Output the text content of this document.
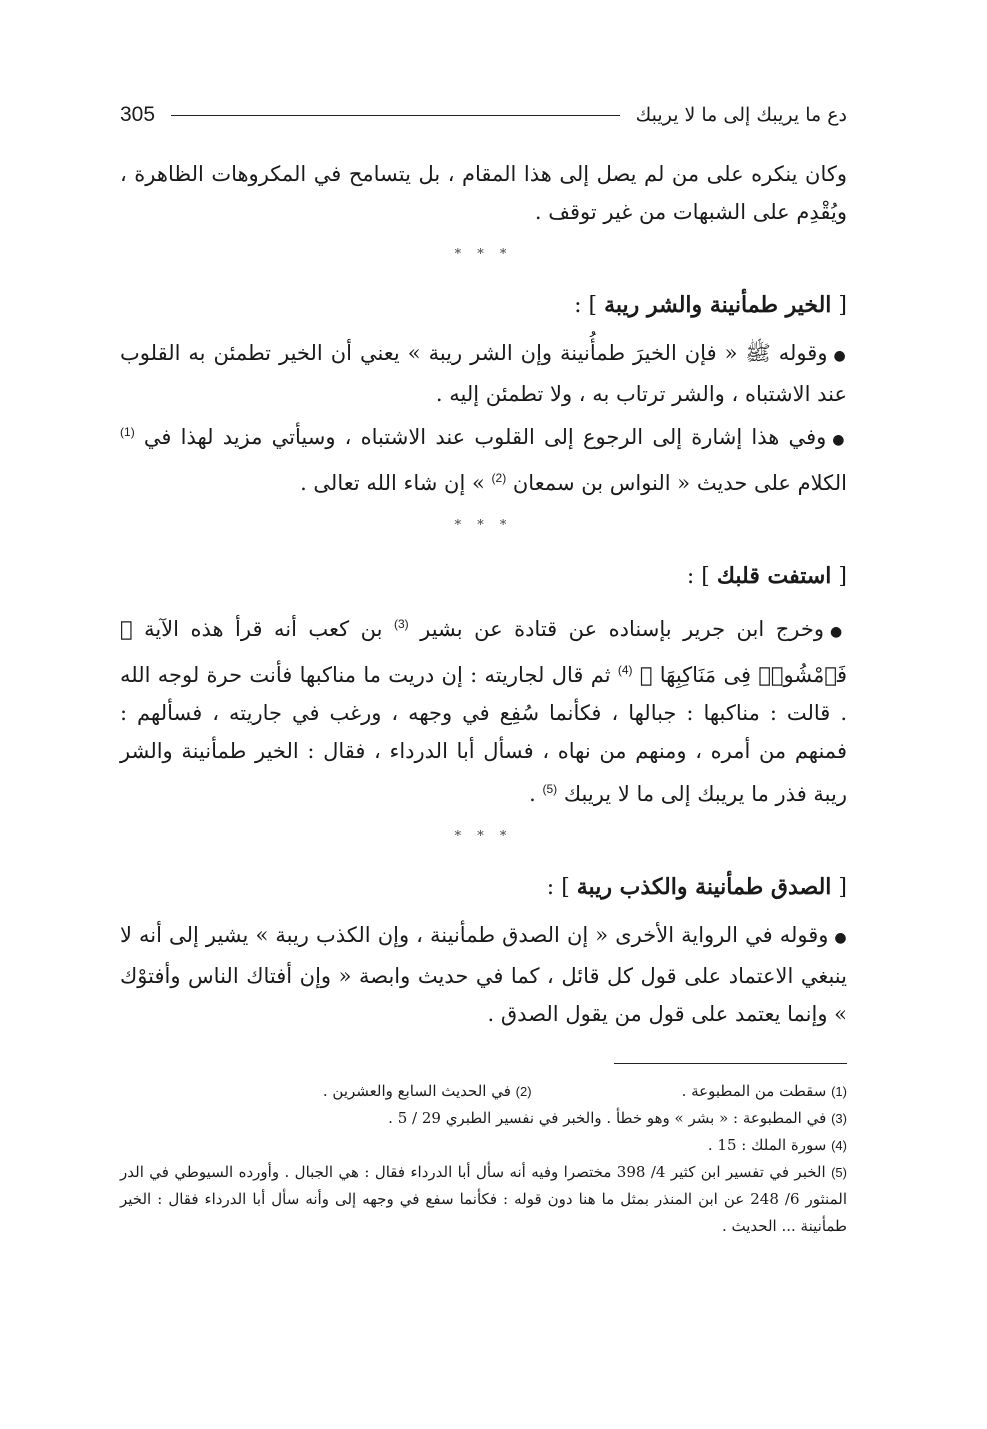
دع ما يريبك إلى ما لا يريبك
305

وكان ينكره على من لم يصل إلى هذا المقام ، بل يتسامح في المكروهات الظاهرة ، ويُقْدِم على الشبهات من غير توقف .

* * *
[ الخير طمأنينة والشر ريبة ] :

●وقوله ﷺ « فإن الخيرَ طمأُنينة وإن الشر ريبة » يعني أن الخير تطمئن به القلوب عند الاشتباه ، والشر ترتاب به ، ولا تطمئن إليه .

●وفي هذا إشارة إلى الرجوع إلى القلوب عند الاشتباه ، وسيأتي مزيد لهذا في $^{(1)}$ الكلام على حديث « النواس بن سمعان $^{(2)}$ » إن شاء الله تعالى .

* * *
[ استفت قلبك ] :

●وخرج ابن جرير بإسناده عن قتادة عن بشير $^{(3)}$ بن كعب أنه قرأ هذه الآية ﴿ فَٱمْشُوا۟ فِى مَنَاكِبِهَا ﴾ $^{(4)}$ ثم قال لجاريته : إن دريت ما مناكبها فأنت حرة لوجه الله . قالت : مناكبها : جبالها ، فكأنما سُفِع في وجهه ، ورغب في جاريته ، فسألهم : فمنهم من أمره ، ومنهم من نهاه ، فسأل أبا الدرداء ، فقال : الخير طمأنينة والشر ريبة فذر ما يريبك إلى ما لا يريبك $^{(5)}$ .

* * *
[ الصدق طمأنينة والكذب ريبة ] :

●وقوله في الرواية الأخرى « إن الصدق طمأنينة ، وإن الكذب ريبة » يشير إلى أنه لا ينبغي الاعتماد على قول كل قائل ، كما في حديث وابصة « وإن أفتاك الناس وأفتوْك » وإنما يعتمد على قول من يقول الصدق .

(1) سقطت من المطبوعة .
(2) في الحديث السابع والعشرين .
(3) في المطبوعة : « بشر » وهو خطأ . والخبر في نفسير الطبري 29 / 5 .
(4) سورة الملك : 15 .
(5) الخبر في تفسير ابن كثير 4/ 398 مختصرا وفيه أنه سأل أبا الدرداء فقال : هي الجبال . وأورده السيوطي في الدر المنثور 6/ 248 عن ابن المنذر بمثل ما هنا دون قوله : فكأنما سفع في وجهه إلى وأنه سأل أبا الدرداء فقال : الخير طمأنينة ... الحديث .
